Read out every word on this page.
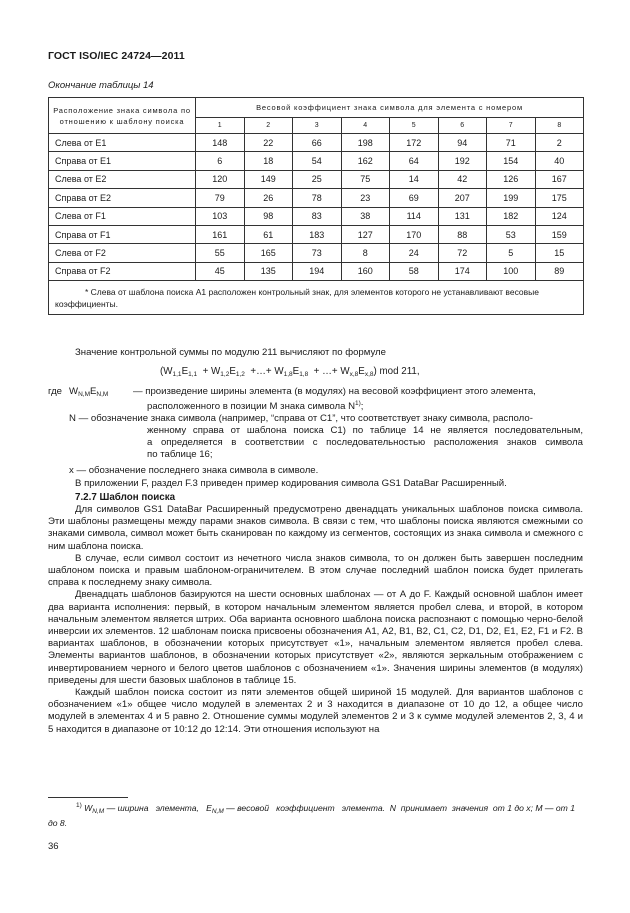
ГОСТ ISO/IEC 24724—2011
Окончание таблицы 14
Расположение знака символа по отношению к шаблону поиска	Весовой коэффициент знака символа для элемента с номером							
	1	2	3	4	5	6	7	8
Слева от Е1	148	22	66	198	172	94	71	2
Справа от Е1	6	18	54	162	64	192	154	40
Слева от Е2	120	149	25	75	14	42	126	167
Справа от Е2	79	26	78	23	69	207	199	175
Слева от F1	103	98	83	38	114	131	182	124
Справа от F1	161	61	183	127	170	88	53	159
Слева от F2	55	165	73	8	24	72	5	15
Справа от F2	45	135	194	160	58	174	100	89

* Слева от шаблона поиска А1 расположен контрольный знак, для элементов которого не устанавливают весовые коэффициенты.								

Значение контрольной суммы по модулю 211 вычисляют по формуле

($W_{1,1}E_{1,1} + W_{1,2}E_{1,2}$  +…+ $W_{1,8}E_{1,8}$  + …+ $W_{x,8}E_{x,8}$) mod 211,
где $W_{N,M}E_{N,M}$	— произведение ширины элемента (в модулях) на весовой коэффициент этого элемента,
расположенного в позиции М знака символа $N^{1)}$;
N — обозначение знака символа (например, “справа от С1”, что соответствует знаку символа, располо-
женному справа от шаблона поиска С1) по таблице 14 не является последовательным,
а определяется в соответствии с последовательностью расположения знаков символа
по таблице 16;
x — обозначение последнего знака символа в символе.

В приложении F, раздел F.3 приведен пример кодирования символа GS1 DataBar Расширенный.

7.2.7 Шаблон поиска

Для символов GS1 DataBar Расширенный предусмотрено двенадцать уникальных шаблонов поиска символа. Эти шаблоны размещены между парами знаков символа. В связи с тем, что шаблоны поиска являются смежными со знаками символа, символ может быть сканирован по каждому из сегментов, состоящих из знака символа и смежного с ним шаблона поиска.

В случае, если символ состоит из нечетного числа знаков символа, то он должен быть завершен последним шаблоном поиска и правым шаблоном-ограничителем. В этом случае последний шаблон поиска будет прилегать справа к последнему знаку символа.

Двенадцать шаблонов базируются на шести основных шаблонах — от А до F. Каждый основной шаблон имеет два варианта исполнения: первый, в котором начальным элементом является пробел слева, и второй, в котором начальным элементом является штрих. Оба варианта основного шаблона поиска распознают с помощью черно-белой инверсии их элементов. 12 шаблонам поиска присвоены обозначения А1, А2, В1, В2, С1, С2, D1, D2, Е1, Е2, F1 и F2. В вариантах шаблонов, в обозначении которых присутствует «1», начальным элементом является пробел слева. Элементы вариантов шаблонов, в обозначении которых присутствует «2», являются зеркальным отображением с инвертированием черного и белого цветов шаблонов с обозначением «1». Значения ширины элементов (в модулях) приведены для шести базовых шаблонов в таблице 15.

Каждый шаблон поиска состоит из пяти элементов общей шириной 15 модулей. Для вариантов шаблонов с обозначением «1» общее число модулей в элементах 2 и 3 находится в диапазоне от 10 до 12, а общее число модулей в элементах 4 и 5 равно 2. Отношение суммы модулей элементов 2 и 3 к сумме модулей элементов 2, 3, 4 и 5 находится в диапазоне от 10:12 до 12:14. Эти отношения используют на

$^{1)}$ $W_{N,M}$ — ширина   элемента,   $E_{N,M}$ — весовой   коэффициент   элемента.  N  принимает  значения  от 1 до x; M — от 1 до 8.
36
